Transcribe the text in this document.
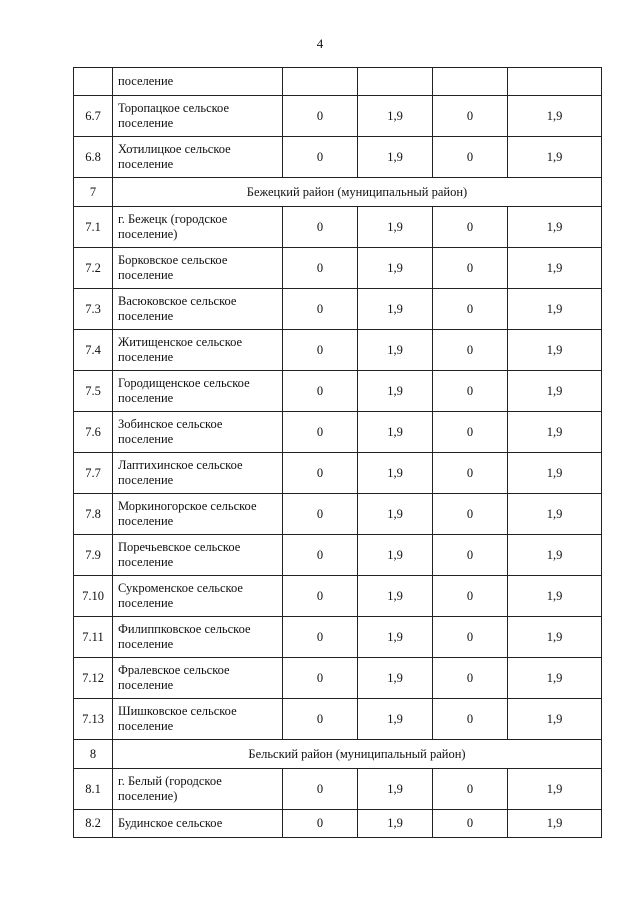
4
	поселение				
6.7	Торопацкое сельское поселение	0	1,9	0	1,9
6.8	Хотилицкое сельское поселение	0	1,9	0	1,9
7	Бежецкий район (муниципальный район)				
7.1	г. Бежецк (городское поселение)	0	1,9	0	1,9
7.2	Борковское сельское поселение	0	1,9	0	1,9
7.3	Васюковское сельское поселение	0	1,9	0	1,9
7.4	Житищенское сельское поселение	0	1,9	0	1,9
7.5	Городищенское сельское поселение	0	1,9	0	1,9
7.6	Зобинское сельское поселение	0	1,9	0	1,9
7.7	Лаптихинское сельское поселение	0	1,9	0	1,9
7.8	Моркиногорское сельское поселение	0	1,9	0	1,9
7.9	Поречьевское сельское поселение	0	1,9	0	1,9
7.10	Сукроменское сельское поселение	0	1,9	0	1,9
7.11	Филиппковское сельское поселение	0	1,9	0	1,9
7.12	Фралевское сельское поселение	0	1,9	0	1,9
7.13	Шишковское сельское поселение	0	1,9	0	1,9
8	Бельский район (муниципальный район)				
8.1	г. Белый (городское поселение)	0	1,9	0	1,9
8.2	Будинское сельское	0	1,9	0	1,9
